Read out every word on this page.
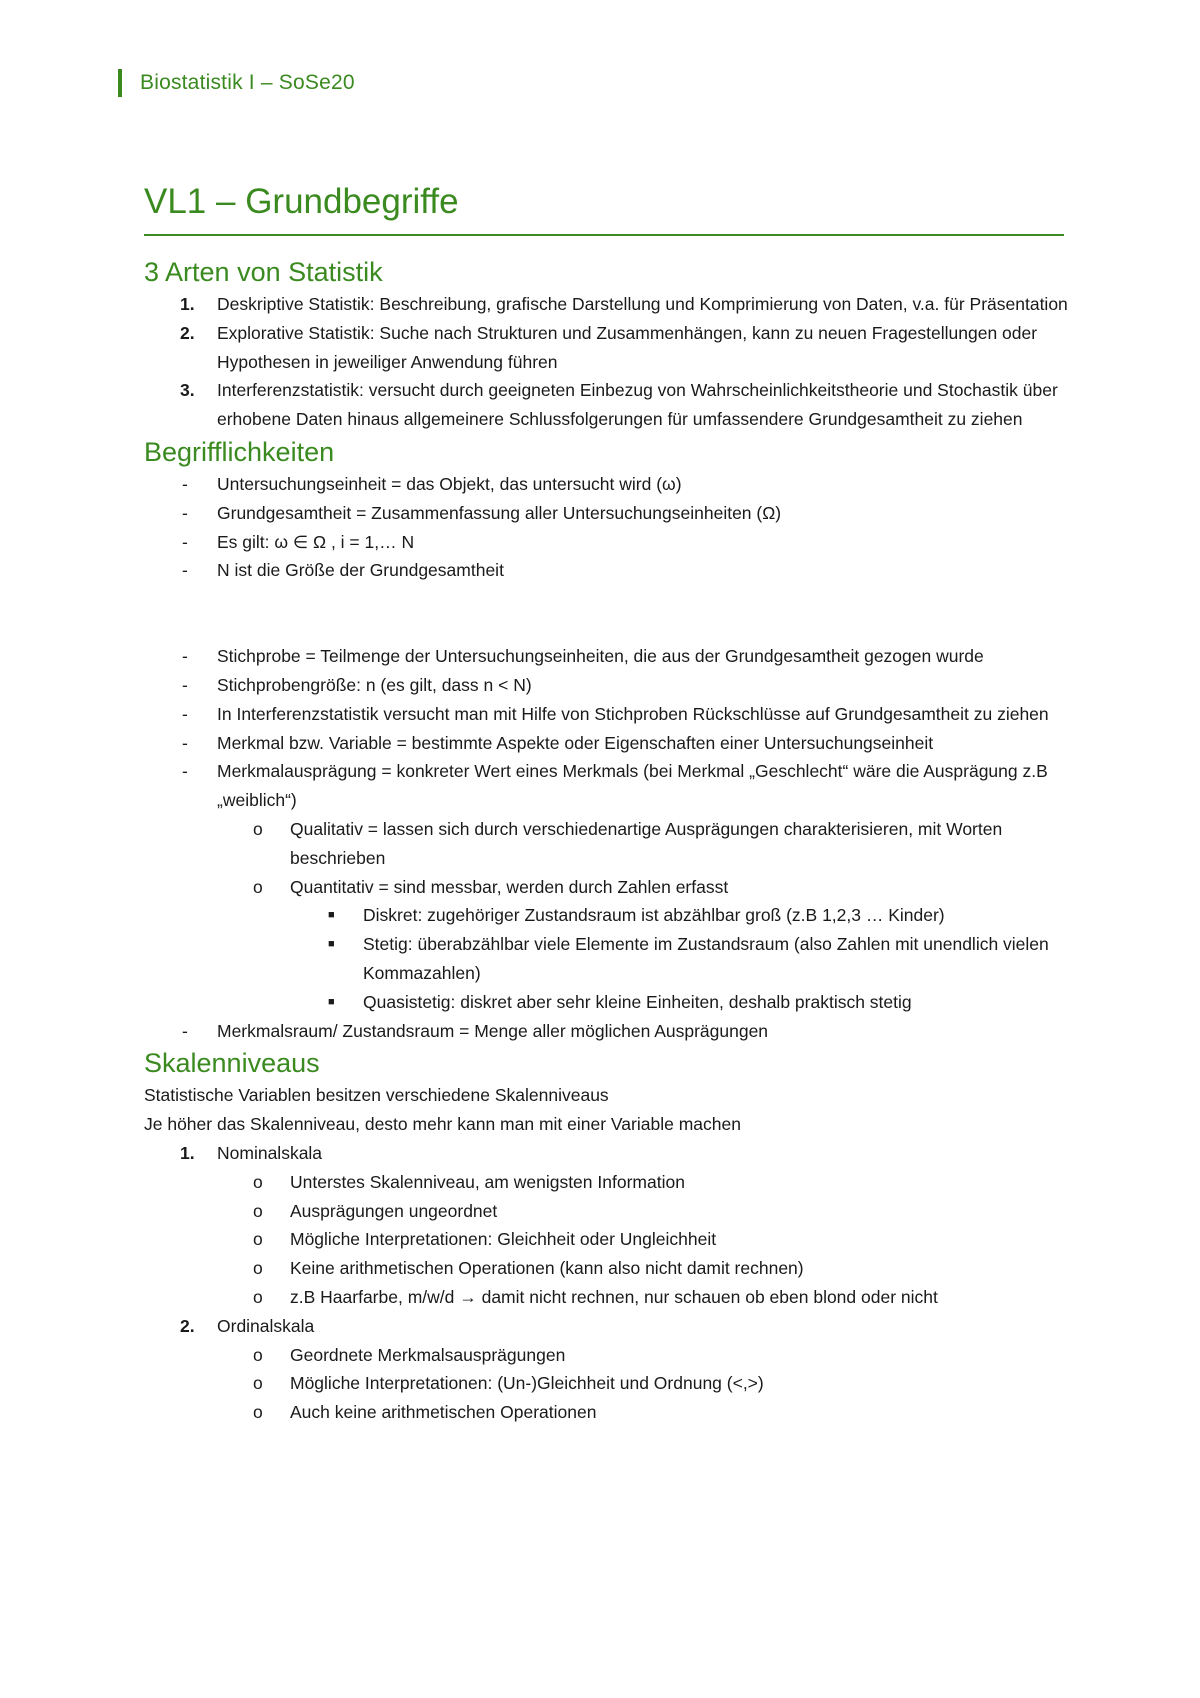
Biostatistik I – SoSe20
VL1 – Grundbegriffe
3 Arten von Statistik
1.	Deskriptive Statistik: Beschreibung, grafische Darstellung und Komprimierung von Daten, v.a. für Präsentation
2.	Explorative Statistik: Suche nach Strukturen und Zusammenhängen, kann zu neuen Fragestellungen oder Hypothesen in jeweiliger Anwendung führen
3.	Interferenzstatistik: versucht durch geeigneten Einbezug von Wahrscheinlichkeitstheorie und Stochastik über erhobene Daten hinaus allgemeinere Schlussfolgerungen für umfassendere Grundgesamtheit zu ziehen
Begrifflichkeiten
-	Untersuchungseinheit = das Objekt, das untersucht wird (ω)
-	Grundgesamtheit = Zusammenfassung aller Untersuchungseinheiten (Ω)
-	Es gilt: ω ∈ Ω , i = 1,… N
-	N ist die Größe der Grundgesamtheit
-	Stichprobe = Teilmenge der Untersuchungseinheiten, die aus der Grundgesamtheit gezogen wurde
-	Stichprobengröße: n (es gilt, dass n < N)
-	In Interferenzstatistik versucht man mit Hilfe von Stichproben Rückschlüsse auf Grundgesamtheit zu ziehen
-	Merkmal bzw. Variable = bestimmte Aspekte oder Eigenschaften einer Untersuchungseinheit
-	Merkmalausprägung = konkreter Wert eines Merkmals (bei Merkmal „Geschlecht“ wäre die Ausprägung z.B „weiblich“)
o	Qualitativ = lassen sich durch verschiedenartige Ausprägungen charakterisieren, mit Worten beschrieben
o	Quantitativ = sind messbar, werden durch Zahlen erfasst
■	Diskret: zugehöriger Zustandsraum ist abzählbar groß (z.B 1,2,3 … Kinder)
■	Stetig: überabzählbar viele Elemente im Zustandsraum (also Zahlen mit unendlich vielen Kommazahlen)
■	Quasistetig: diskret aber sehr kleine Einheiten, deshalb praktisch stetig
-	Merkmalsraum/ Zustandsraum = Menge aller möglichen Ausprägungen
Skalenniveaus

Statistische Variablen besitzen verschiedene Skalenniveaus

Je höher das Skalenniveau, desto mehr kann man mit einer Variable machen

1.	Nominalskala
o	Unterstes Skalenniveau, am wenigsten Information
o	Ausprägungen ungeordnet
o	Mögliche Interpretationen: Gleichheit oder Ungleichheit
o	Keine arithmetischen Operationen (kann also nicht damit rechnen)
o	z.B Haarfarbe, m/w/d → damit nicht rechnen, nur schauen ob eben blond oder nicht
2.	Ordinalskala
o	Geordnete Merkmalsausprägungen
o	Mögliche Interpretationen: (Un-)Gleichheit und Ordnung (<,>)
o	Auch keine arithmetischen Operationen
